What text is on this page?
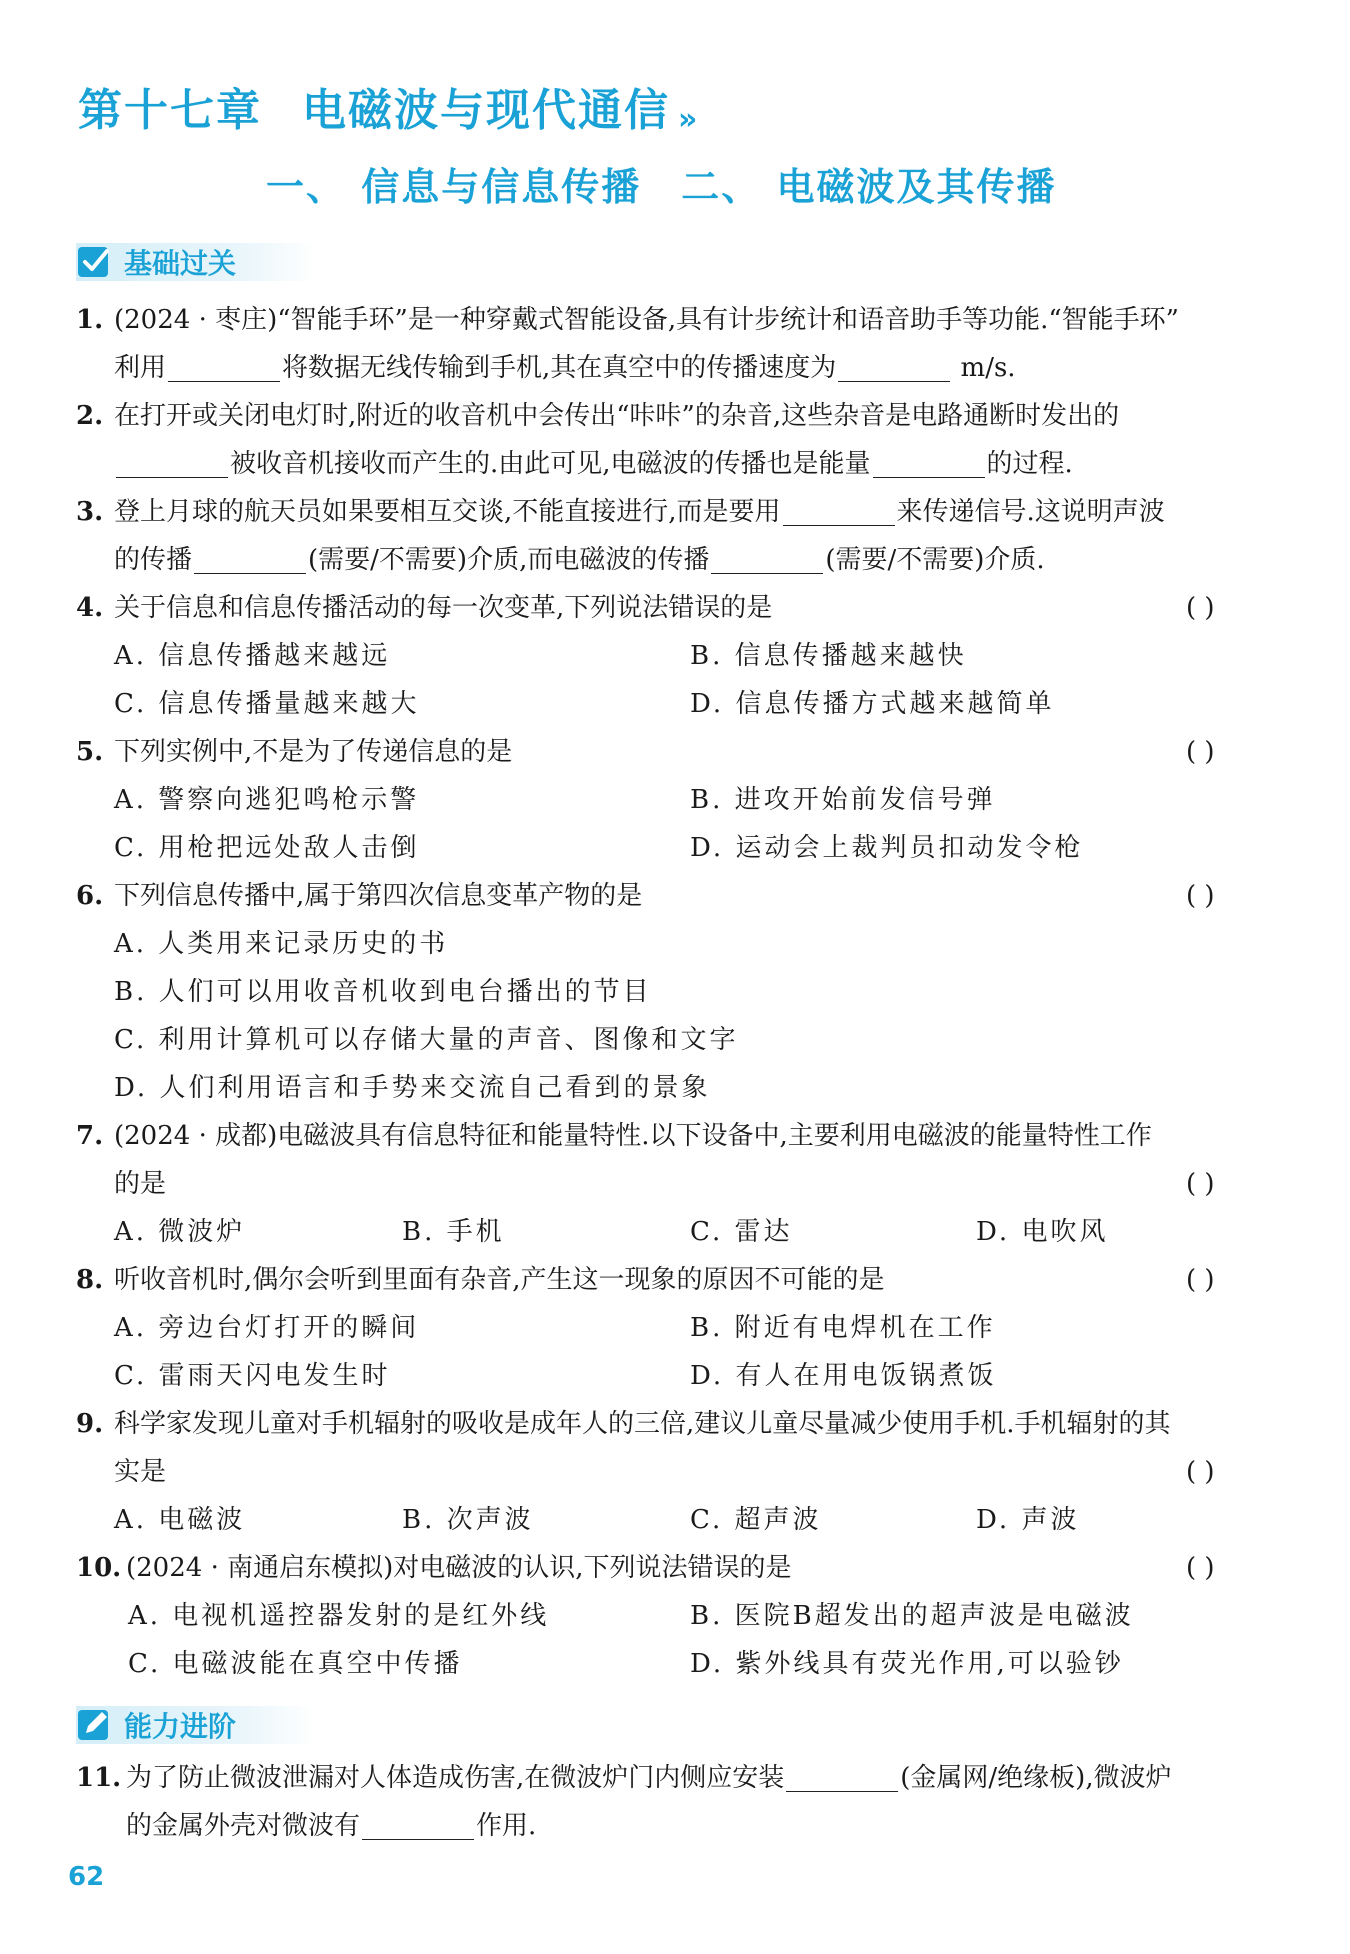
第十七章 电磁波与现代通信 »
一、 信息与信息传播 二、 电磁波及其传播
基础过关
1. (2024 · 枣庄)“智能手环”是一种穿戴式智能设备,具有计步统计和语音助手等功能.“智能手环”
利用	将数据无线传输到手机,其在真空中的传播速度为	m/s.
2. 在打开或关闭电灯时,附近的收音机中会传出“咔咔”的杂音,这些杂音是电路通断时发出的
被收音机接收而产生的.由此可见,电磁波的传播也是能量	的过程.
3. 登上月球的航天员如果要相互交谈,不能直接进行,而是要用	来传递信号.这说明声波
的传播	(需要/不需要)介质,而电磁波的传播	(需要/不需要)介质.
4. 关于信息和信息传播活动的每一次变革,下列说法错误的是	( )
A. 信息传播越来越远	B. 信息传播越来越快
C. 信息传播量越来越大	D. 信息传播方式越来越简单
5. 下列实例中,不是为了传递信息的是	( )
A. 警察向逃犯鸣枪示警	B. 进攻开始前发信号弹
C. 用枪把远处敌人击倒	D. 运动会上裁判员扣动发令枪
6. 下列信息传播中,属于第四次信息变革产物的是	( )
A. 人类用来记录历史的书
B. 人们可以用收音机收到电台播出的节目
C. 利用计算机可以存储大量的声音、图像和文字
D. 人们利用语言和手势来交流自己看到的景象
7. (2024 · 成都)电磁波具有信息特征和能量特性.以下设备中,主要利用电磁波的能量特性工作
的是	( )
A. 微波炉	B. 手机	C. 雷达	D. 电吹风
8. 听收音机时,偶尔会听到里面有杂音,产生这一现象的原因不可能的是	( )
A. 旁边台灯打开的瞬间	B. 附近有电焊机在工作
C. 雷雨天闪电发生时	D. 有人在用电饭锅煮饭
9. 科学家发现儿童对手机辐射的吸收是成年人的三倍,建议儿童尽量减少使用手机.手机辐射的其
实是	( )
A. 电磁波	B. 次声波	C. 超声波	D. 声波
10. (2024 · 南通启东模拟)对电磁波的认识,下列说法错误的是	( )
A. 电视机遥控器发射的是红外线	B. 医院B超发出的超声波是电磁波
C. 电磁波能在真空中传播	D. 紫外线具有荧光作用,可以验钞
能力进阶
11. 为了防止微波泄漏对人体造成伤害,在微波炉门内侧应安装	(金属网/绝缘板),微波炉
的金属外壳对微波有	作用.
62
